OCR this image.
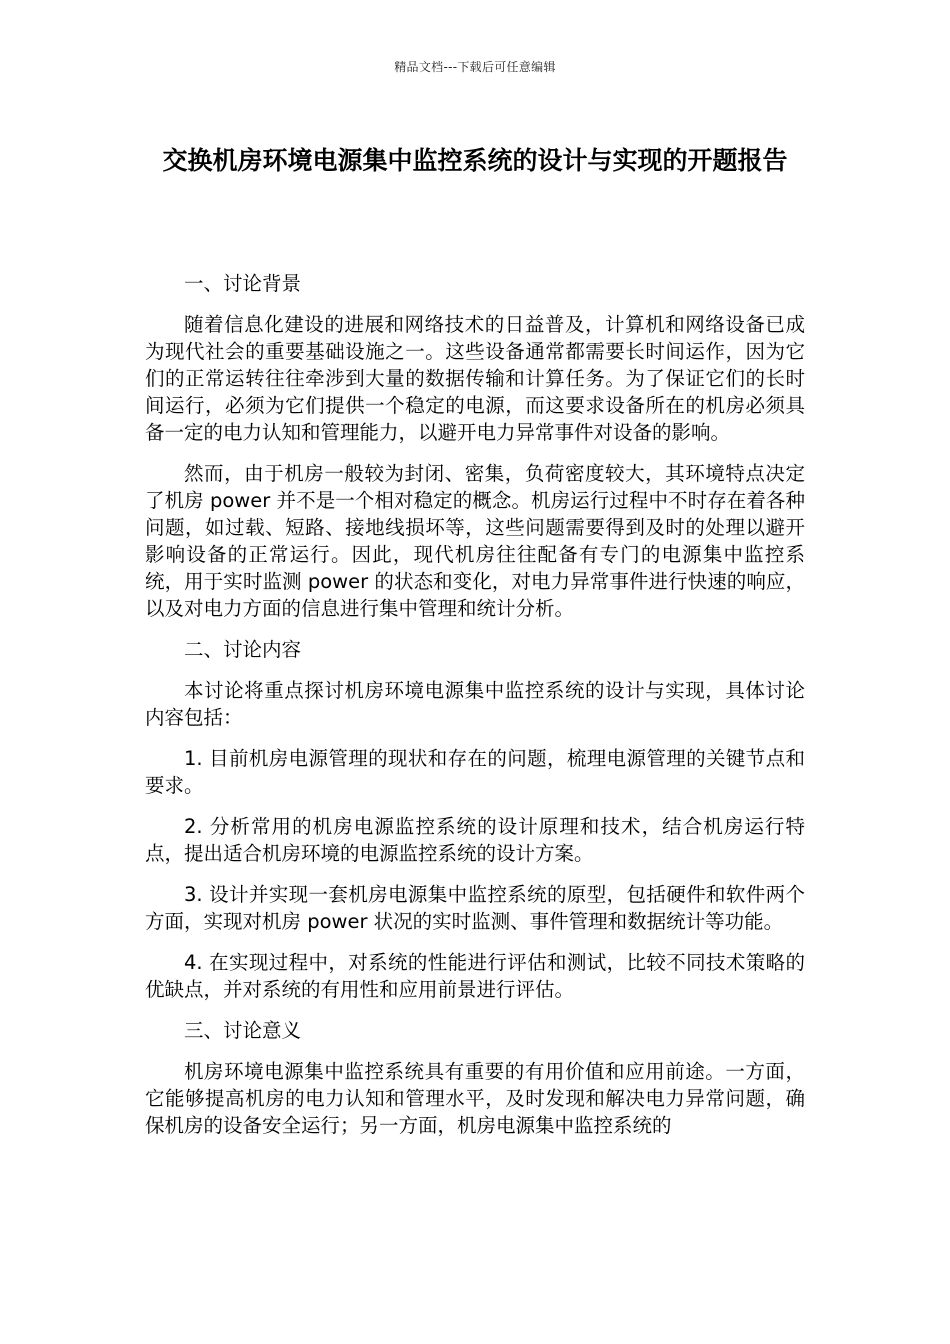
精品文档---下载后可任意编辑
交换机房环境电源集中监控系统的设计与实现的开题报告

一、讨论背景

随着信息化建设的进展和网络技术的日益普及，计算机和网络设备已成为现代社会的重要基础设施之一。这些设备通常都需要长时间运作，因为它们的正常运转往往牵涉到大量的数据传输和计算任务。为了保证它们的长时间运行，必须为它们提供一个稳定的电源，而这要求设备所在的机房必须具备一定的电力认知和管理能力，以避开电力异常事件对设备的影响。

然而，由于机房一般较为封闭、密集，负荷密度较大，其环境特点决定了机房 power 并不是一个相对稳定的概念。机房运行过程中不时存在着各种问题，如过载、短路、接地线损坏等，这些问题需要得到及时的处理以避开影响设备的正常运行。因此，现代机房往往配备有专门的电源集中监控系统，用于实时监测 power 的状态和变化，对电力异常事件进行快速的响应，以及对电力方面的信息进行集中管理和统计分析。

二、讨论内容

本讨论将重点探讨机房环境电源集中监控系统的设计与实现，具体讨论内容包括：

1. 目前机房电源管理的现状和存在的问题，梳理电源管理的关键节点和要求。

2. 分析常用的机房电源监控系统的设计原理和技术，结合机房运行特点，提出适合机房环境的电源监控系统的设计方案。

3. 设计并实现一套机房电源集中监控系统的原型，包括硬件和软件两个方面，实现对机房 power 状况的实时监测、事件管理和数据统计等功能。

4. 在实现过程中，对系统的性能进行评估和测试，比较不同技术策略的优缺点，并对系统的有用性和应用前景进行评估。

三、讨论意义

机房环境电源集中监控系统具有重要的有用价值和应用前途。一方面，它能够提高机房的电力认知和管理水平，及时发现和解决电力异常问题，确保机房的设备安全运行；另一方面，机房电源集中监控系统的
